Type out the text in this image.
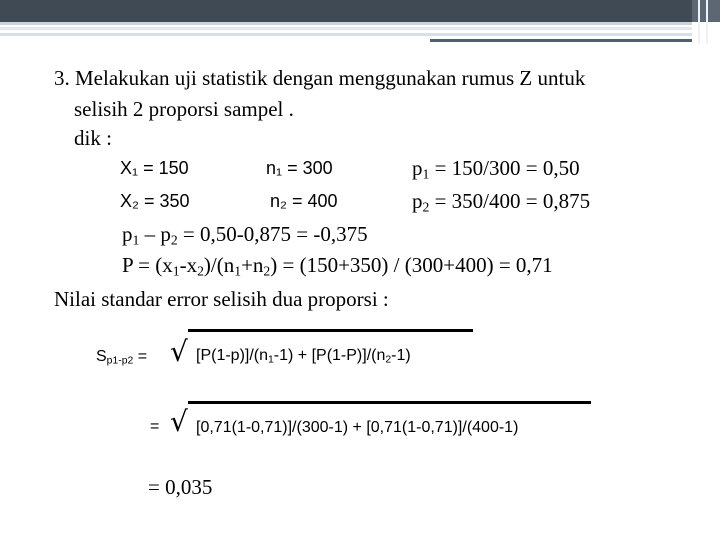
3. Melakukan uji statistik dengan menggunakan rumus Z untuk
selisih 2 proporsi sampel .
dik :
X₁ = 150	n₁ = 300	$p_1 = 150/300 = 0,50$
X₂ = 350	n₂ = 400	$p_2 = 350/400 = 0,875$
$p_1 - p_2 = 0,50-0,875 = -0,375$
$P = (x_1-x_2)/(n_1+n_2) = (150+350) / (300+400) = 0,71$
Nilai standar error selisih dua proporsi :
$S_{p1-p2}$ = √ $[P(1-p)]/(n_1-1) + [P(1-P)]/(n_2-1)$
= √ [0,71(1-0,71)]/(300-1) + [0,71(1-0,71)]/(400-1)
= 0,035
